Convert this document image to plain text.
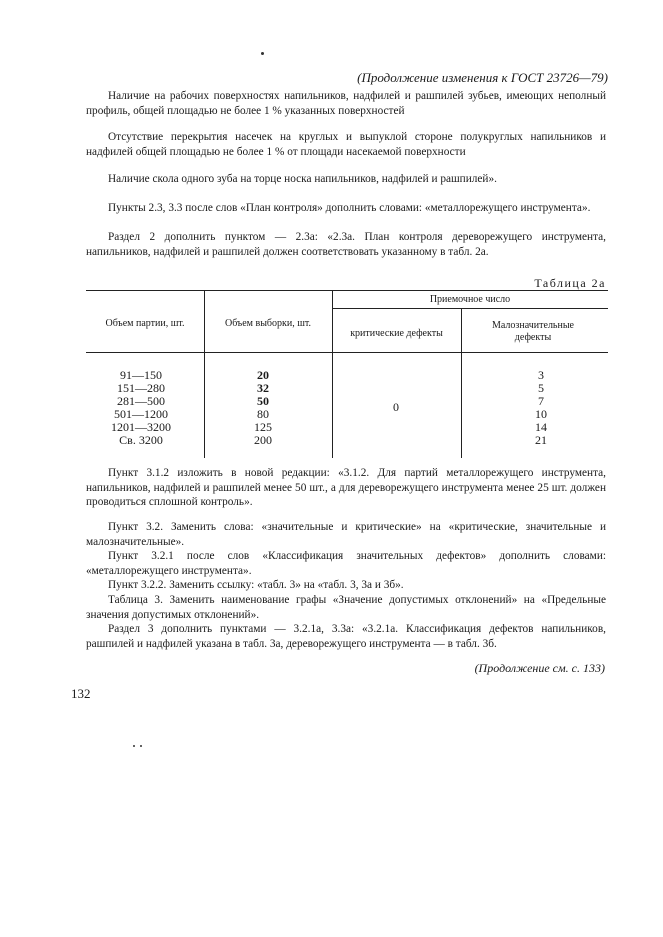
(Продолжение изменения к ГОСТ 23726—79)
Наличие на рабочих поверхностях напильников, надфилей и рашпилей зубьев, имеющих неполный профиль, общей площадью не более 1 % указанных поверхностей
Отсутствие перекрытия насечек на круглых и выпуклой стороне полукруглых напильников и надфилей общей площадью не более 1 % от площади насекаемой поверхности
Наличие скола одного зуба на торце носка напильников, надфилей и рашпилей».
Пункты 2.3, 3.3 после слов «План контроля» дополнить словами: «металлорежущего инструмента».
Раздел 2 дополнить пунктом — 2.3а: «2.3а. План контроля дереворежущего инструмента, напильников, надфилей и рашпилей должен соответствовать указанному в табл. 2а.
Таблица 2а
Объем партии, шт.	Объем выборки, шт.
Приемочное число
критические дефекты
Малозначительные дефекты
91—150
151—280
281—500
501—1200
1201—3200
Св. 3200
20
32
50
80
125
200
0
3
5
7
10
14
21
Пункт 3.1.2 изложить в новой редакции: «3.1.2. Для партий металлорежущего инструмента, напильников, надфилей и рашпилей менее 50 шт., а для дереворежущего инструмента менее 25 шт. должен проводиться сплошной контроль».
Пункт 3.2. Заменить слова: «значительные и критические» на «критические, значительные и малозначительные».
Пункт 3.2.1 после слов «Классификация значительных дефектов» дополнить словами: «металлорежущего инструмента».
Пункт 3.2.2. Заменить ссылку: «табл. 3» на «табл. 3, 3а и 3б».
Таблица 3. Заменить наименование графы «Значение допустимых отклонений» на «Предельные значения допустимых отклонений».
Раздел 3 дополнить пунктами — 3.2.1а, 3.3а: «3.2.1а. Классификация дефектов напильников, рашпилей и надфилей указана в табл. 3а, дереворежущего инструмента — в табл. 3б.
(Продолжение см. с. 133)
132
